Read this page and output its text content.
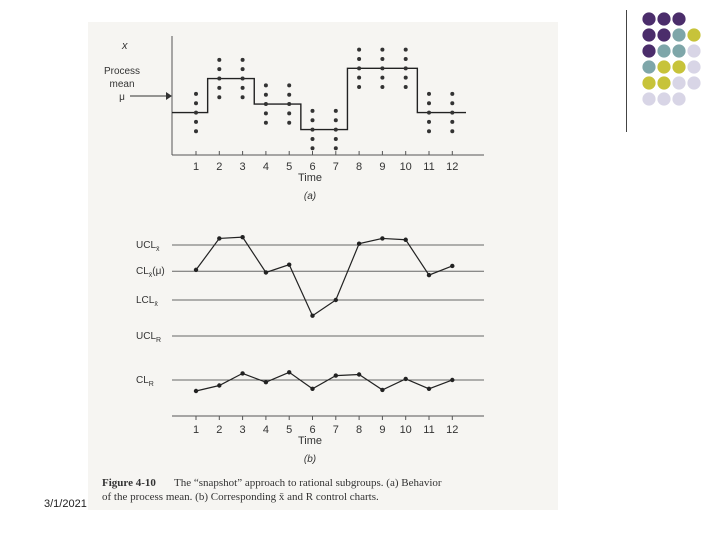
x
Process
mean
μ
1 2 3 4 5 6 7 8 9 10 11 12
Time
(a)
$UCL_{x̄}$
$CL_{x̄}(\mu)$
$LCL_{x̄}$
$UCL_R$
$CL_R$
1 2 3 4 5 6 7 8 9 10 11 12
Time
(b)
Figure 4-10 The “snapshot” approach to rational subgroups. (a) Behavior
of the process mean. (b) Corresponding x̄ and R control charts.
3/1/2021
